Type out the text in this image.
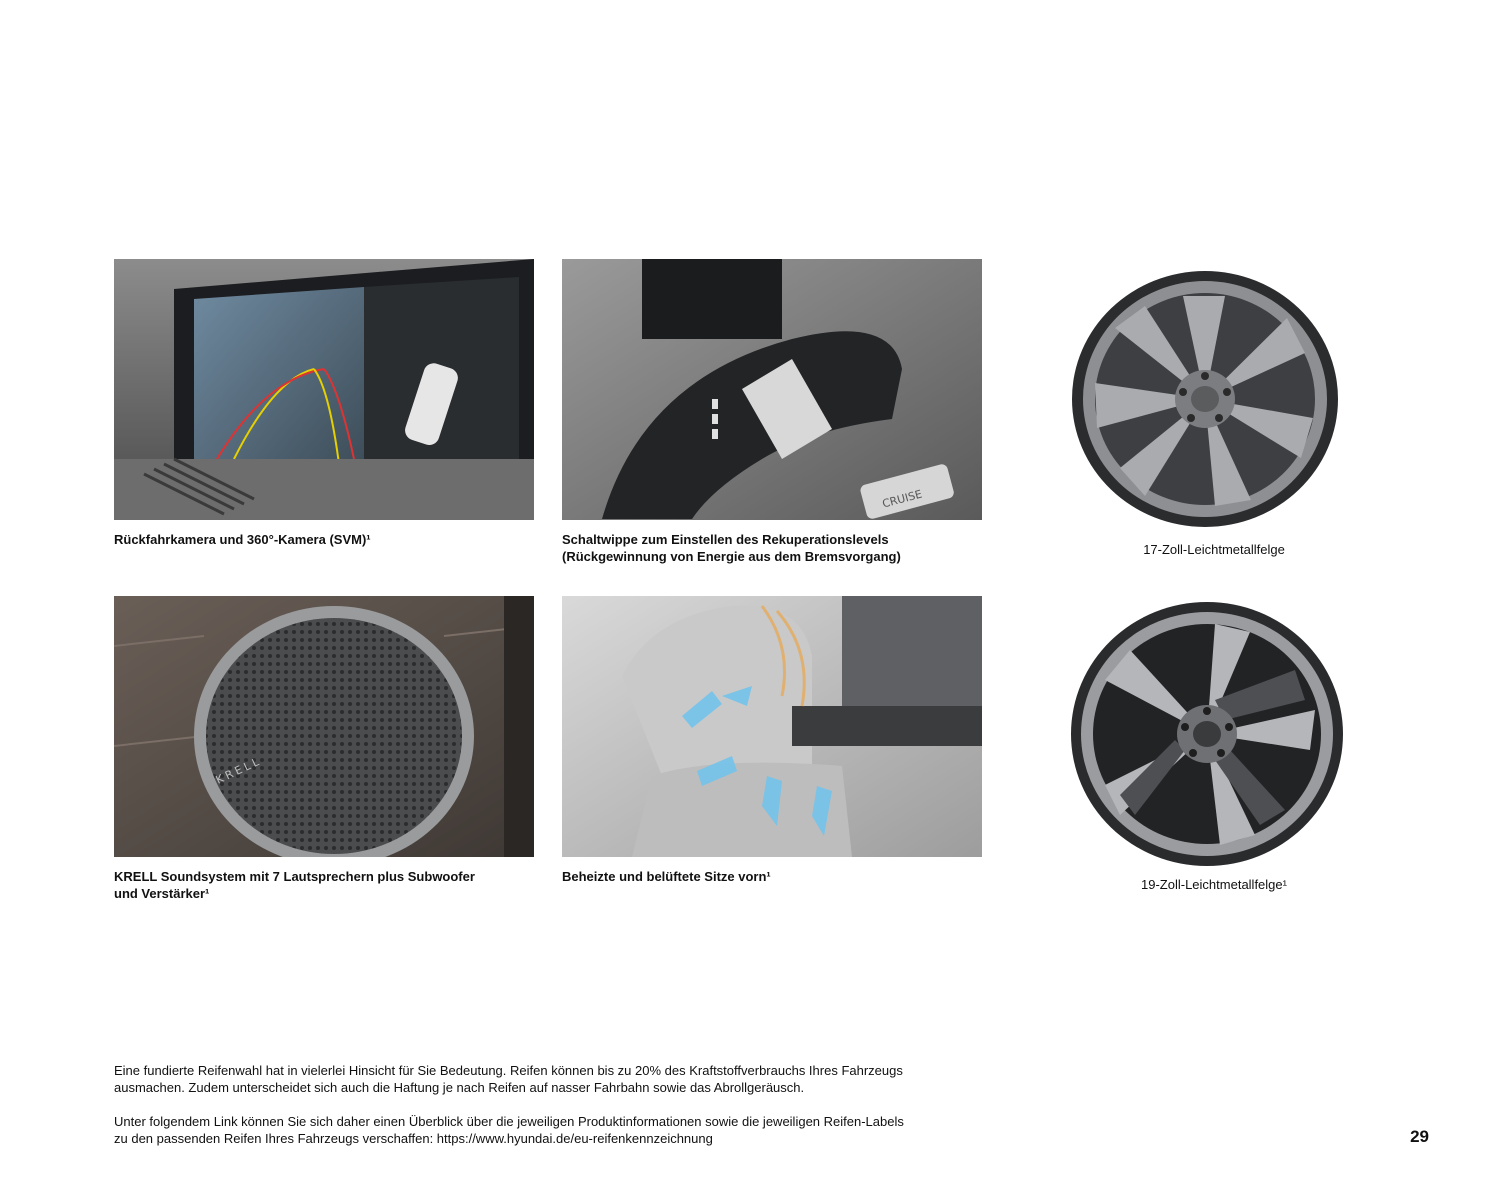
Rückfahrkamera und 360°-Kamera (SVM)¹
CRUISE
Schaltwippe zum Einstellen des Rekuperationslevels
(Rückgewinnung von Energie aus dem Bremsvorgang)	17-Zoll-Leichtmetallfelge
KRELL
KRELL Soundsystem mit 7 Lautsprechern plus Subwoofer
und Verstärker¹
Beheizte und belüftete Sitze vorn¹
19-Zoll-Leichtmetallfelge¹
Eine fundierte Reifenwahl hat in vielerlei Hinsicht für Sie Bedeutung. Reifen können bis zu 20% des Kraftstoffverbrauchs Ihres Fahrzeugs
ausmachen. Zudem unterscheidet sich auch die Haftung je nach Reifen auf nasser Fahrbahn sowie das Abrollgeräusch.
Unter folgendem Link können Sie sich daher einen Überblick über die jeweiligen Produktinformationen sowie die jeweiligen Reifen-Labels
zu den passenden Reifen Ihres Fahrzeugs verschaffen: https://www.hyundai.de/eu-reifenkennzeichnung	29
